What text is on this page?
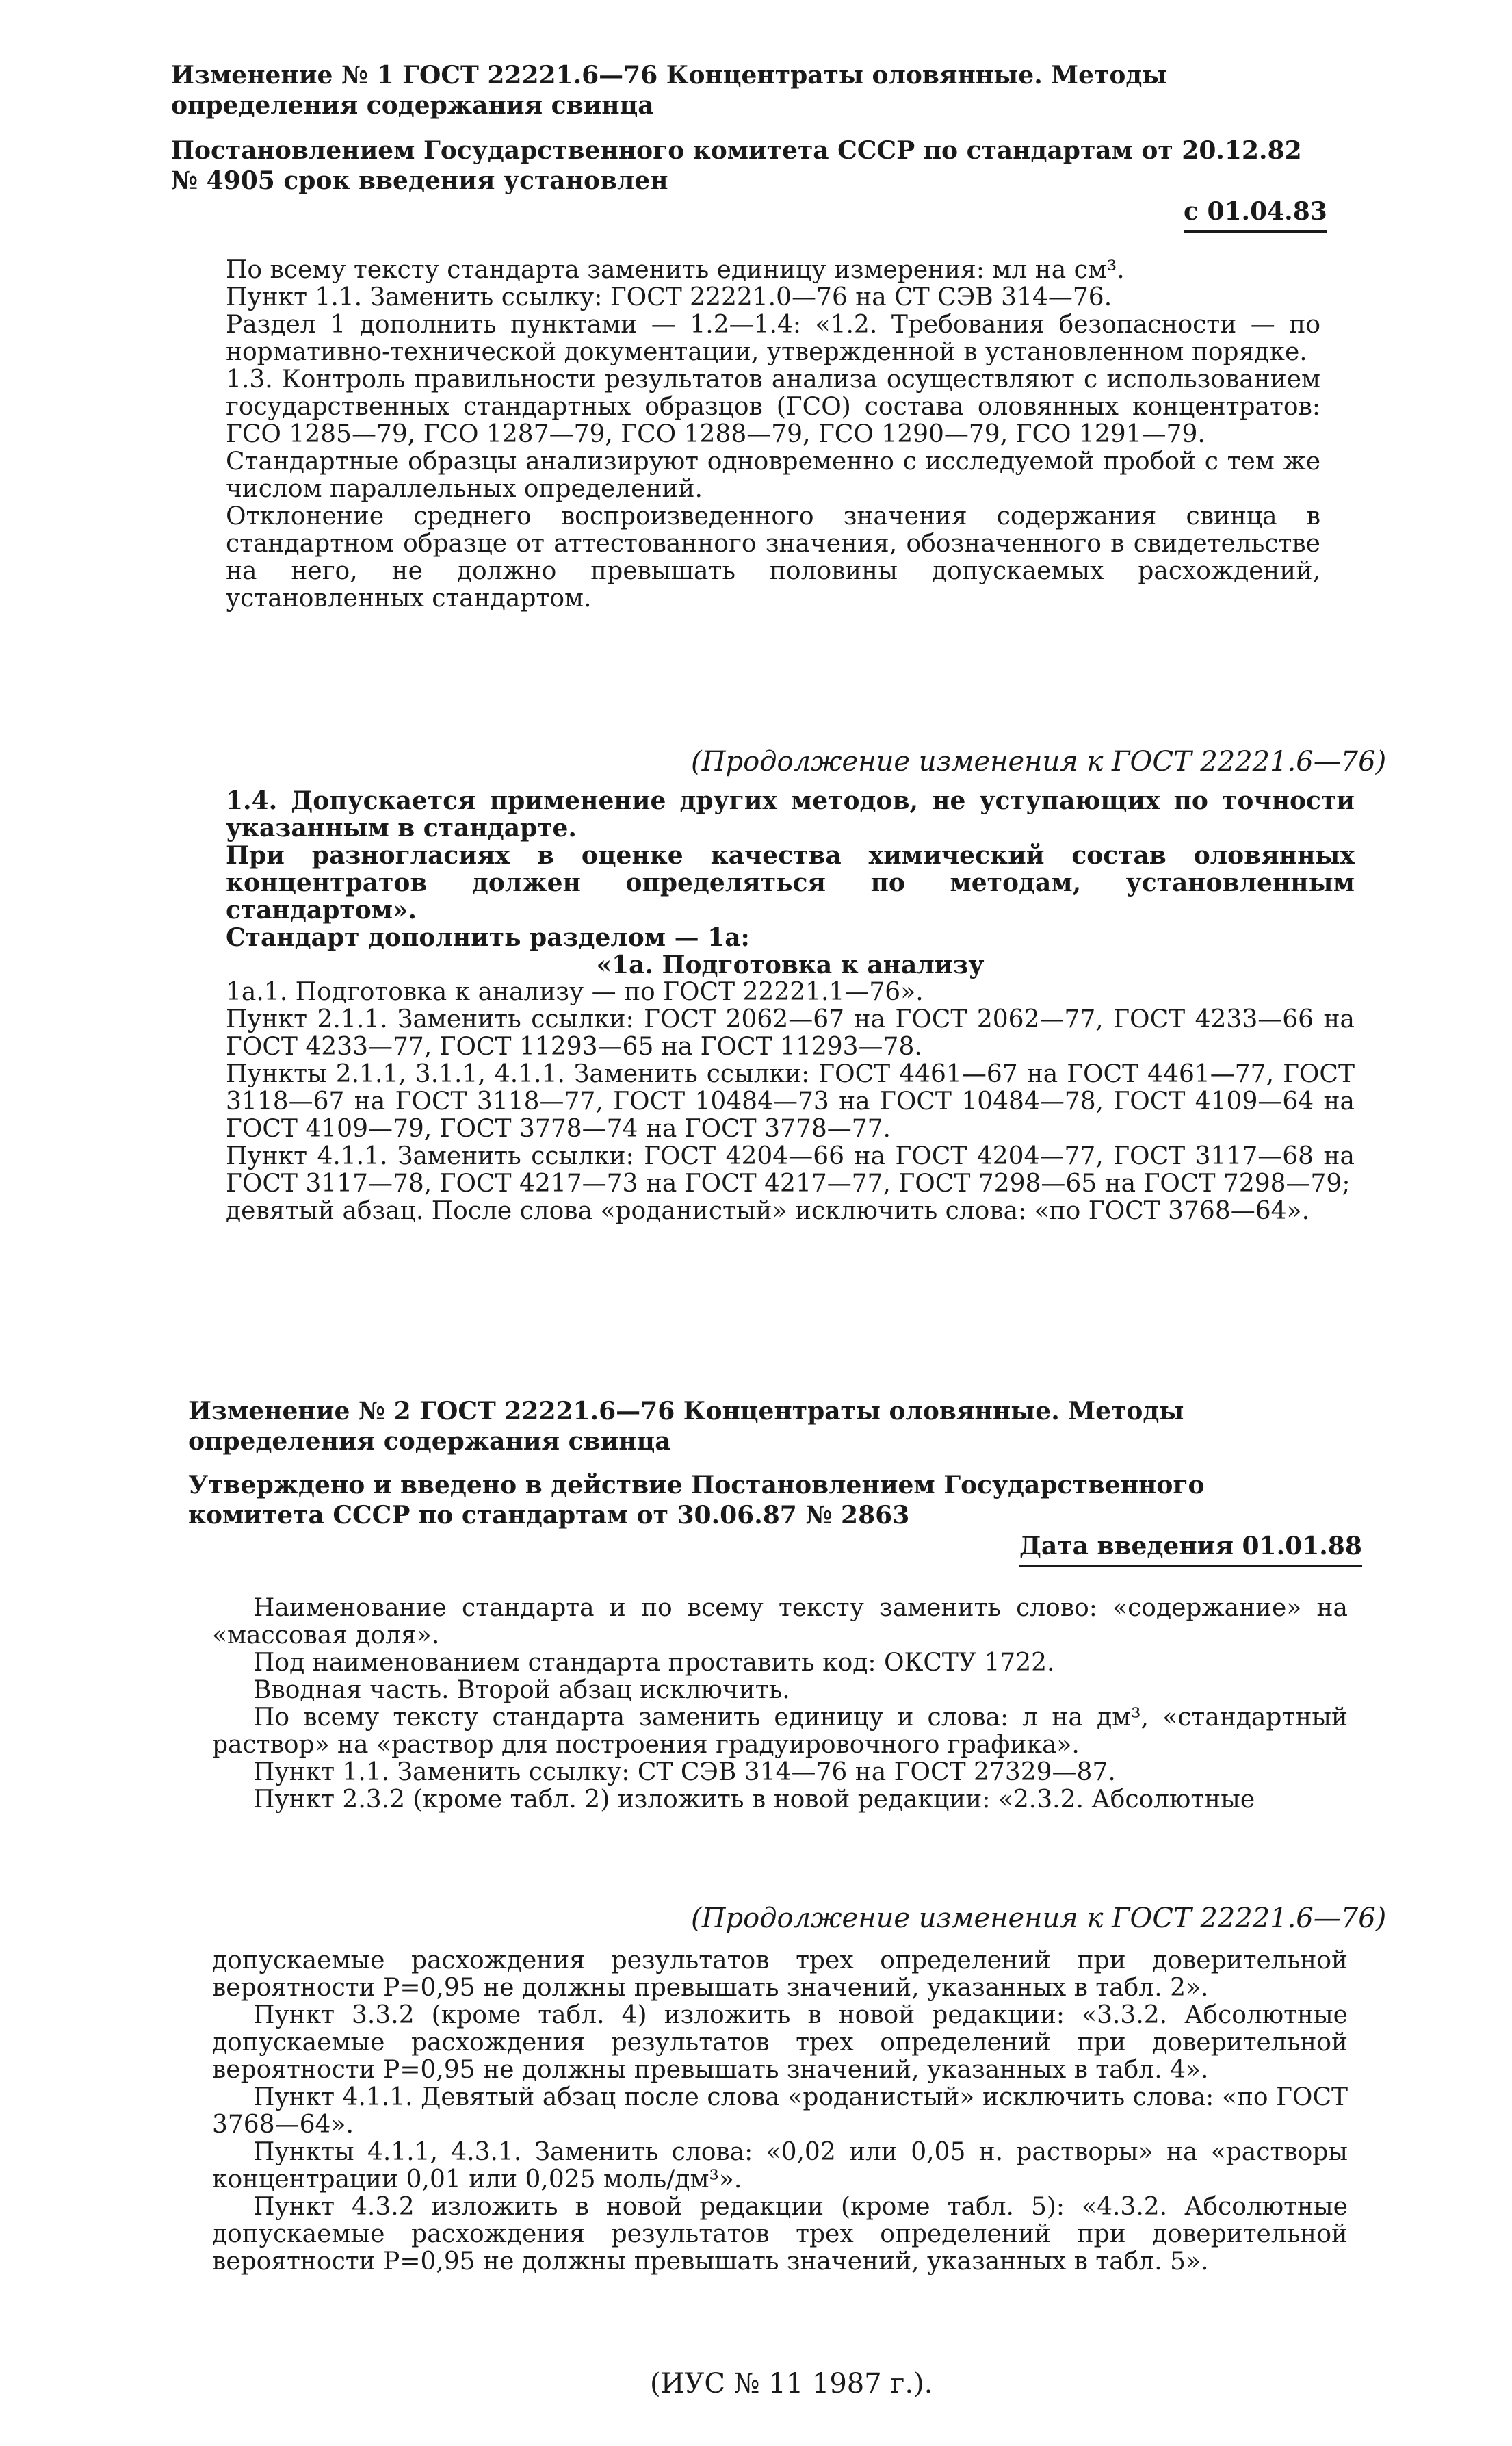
Изменение № 1 ГОСТ 22221.6—76 Концентраты оловянные. Методы определения содержания свинца
Постановлением Государственного комитета СССР по стандартам от 20.12.82 № 4905 срок введения установлен
с 01.04.83

По всему тексту стандарта заменить единицу измерения: мл на см³.

Пункт 1.1. Заменить ссылку: ГОСТ 22221.0—76 на СТ СЭВ 314—76.

Раздел 1 дополнить пунктами — 1.2—1.4: «1.2. Требования безопасности — по нормативно-технической документации, утвержденной в установленном порядке.

1.3. Контроль правильности результатов анализа осуществляют с использованием государственных стандартных образцов (ГСО) состава оловянных концентратов: ГСО 1285—79, ГСО 1287—79, ГСО 1288—79, ГСО 1290—79, ГСО 1291—79.

Стандартные образцы анализируют одновременно с исследуемой пробой с тем же числом параллельных определений.

Отклонение среднего воспроизведенного значения содержания свинца в стандартном образце от аттестованного значения, обозначенного в свидетельстве на него, не должно превышать половины допускаемых расхождений, установленных стандартом.

(Продолжение изменения к ГОСТ 22221.6—76)

1.4. Допускается применение других методов, не уступающих по точности указанным в стандарте.

При разногласиях в оценке качества химический состав оловянных концентратов должен определяться по методам, установленным стандартом».

Стандарт дополнить разделом — 1а:

«1а. Подготовка к анализу

1а.1. Подготовка к анализу — по ГОСТ 22221.1—76».

Пункт 2.1.1. Заменить ссылки: ГОСТ 2062—67 на ГОСТ 2062—77, ГОСТ 4233—66 на ГОСТ 4233—77, ГОСТ 11293—65 на ГОСТ 11293—78.

Пункты 2.1.1, 3.1.1, 4.1.1. Заменить ссылки: ГОСТ 4461—67 на ГОСТ 4461—77, ГОСТ 3118—67 на ГОСТ 3118—77, ГОСТ 10484—73 на ГОСТ 10484—78, ГОСТ 4109—64 на ГОСТ 4109—79, ГОСТ 3778—74 на ГОСТ 3778—77.

Пункт 4.1.1. Заменить ссылки: ГОСТ 4204—66 на ГОСТ 4204—77, ГОСТ 3117—68 на ГОСТ 3117—78, ГОСТ 4217—73 на ГОСТ 4217—77, ГОСТ 7298—65 на ГОСТ 7298—79;

девятый абзац. После слова «роданистый» исключить слова: «по ГОСТ 3768—64».

Изменение № 2 ГОСТ 22221.6—76 Концентраты оловянные. Методы определения содержания свинца
Утверждено и введено в действие Постановлением Государственного комитета СССР по стандартам от 30.06.87 № 2863
Дата введения 01.01.88

Наименование стандарта и по всему тексту заменить слово: «содержание» на «массовая доля».

Под наименованием стандарта проставить код: ОКСТУ 1722.

Вводная часть. Второй абзац исключить.

По всему тексту стандарта заменить единицу и слова: л на дм³, «стандартный раствор» на «раствор для построения градуировочного графика».

Пункт 1.1. Заменить ссылку: СТ СЭВ 314—76 на ГОСТ 27329—87.

Пункт 2.3.2 (кроме табл. 2) изложить в новой редакции: «2.3.2. Абсолютные

(Продолжение изменения к ГОСТ 22221.6—76)

допускаемые расхождения результатов трех определений при доверительной вероятности P=0,95 не должны превышать значений, указанных в табл. 2».

Пункт 3.3.2 (кроме табл. 4) изложить в новой редакции: «3.3.2. Абсолютные допускаемые расхождения результатов трех определений при доверительной вероятности P=0,95 не должны превышать значений, указанных в табл. 4».

Пункт 4.1.1. Девятый абзац после слова «роданистый» исключить слова: «по ГОСТ 3768—64».

Пункты 4.1.1, 4.3.1. Заменить слова: «0,02 или 0,05 н. растворы» на «растворы концентрации 0,01 или 0,025 моль/дм³».

Пункт 4.3.2 изложить в новой редакции (кроме табл. 5): «4.3.2. Абсолютные допускаемые расхождения результатов трех определений при доверительной вероятности P=0,95 не должны превышать значений, указанных в табл. 5».

(ИУС № 11 1987 г.).
